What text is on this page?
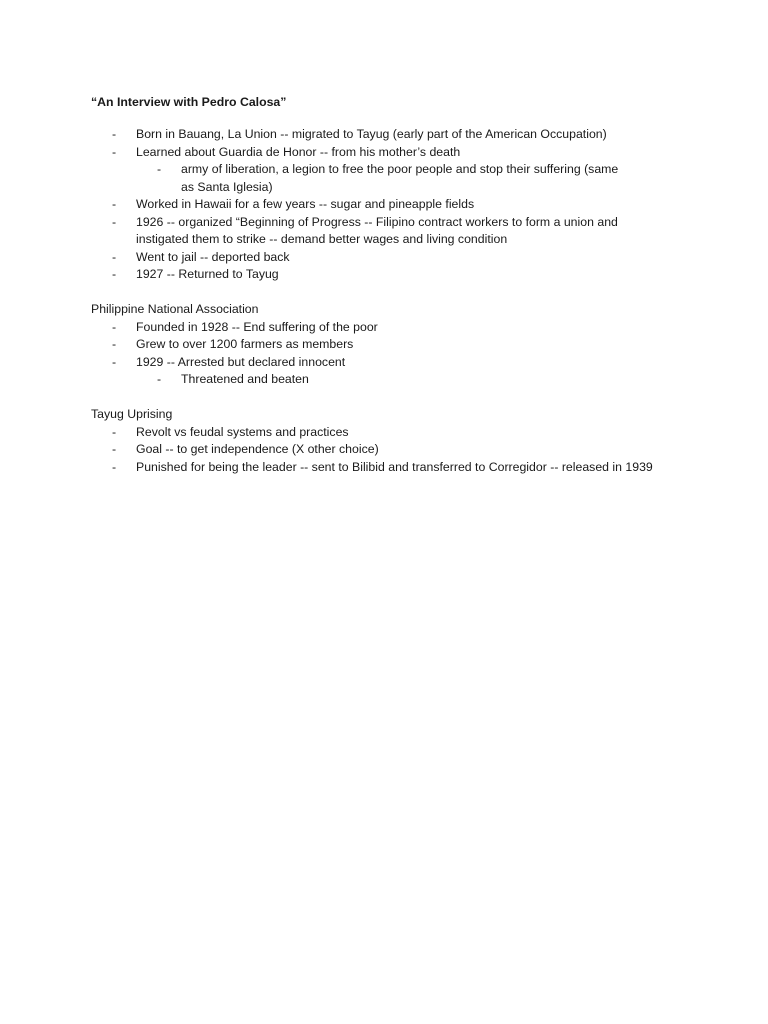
“An Interview with Pedro Calosa”
- Born in Bauang, La Union -- migrated to Tayug (early part of the American Occupation)
- Learned about Guardia de Honor -- from his mother’s death
- army of liberation, a legion to free the poor people and stop their suffering (same as Santa Iglesia)
- Worked in Hawaii for a few years -- sugar and pineapple fields
- 1926 -- organized “Beginning of Progress -- Filipino contract workers to form a union and instigated them to strike -- demand better wages and living condition
- Went to jail -- deported back
- 1927 -- Returned to Tayug
Philippine National Association
- Founded in 1928 -- End suffering of the poor
- Grew to over 1200 farmers as members
- 1929 -- Arrested but declared innocent
- Threatened and beaten
Tayug Uprising
- Revolt vs feudal systems and practices
- Goal -- to get independence (X other choice)
- Punished for being the leader -- sent to Bilibid and transferred to Corregidor -- released in 1939
